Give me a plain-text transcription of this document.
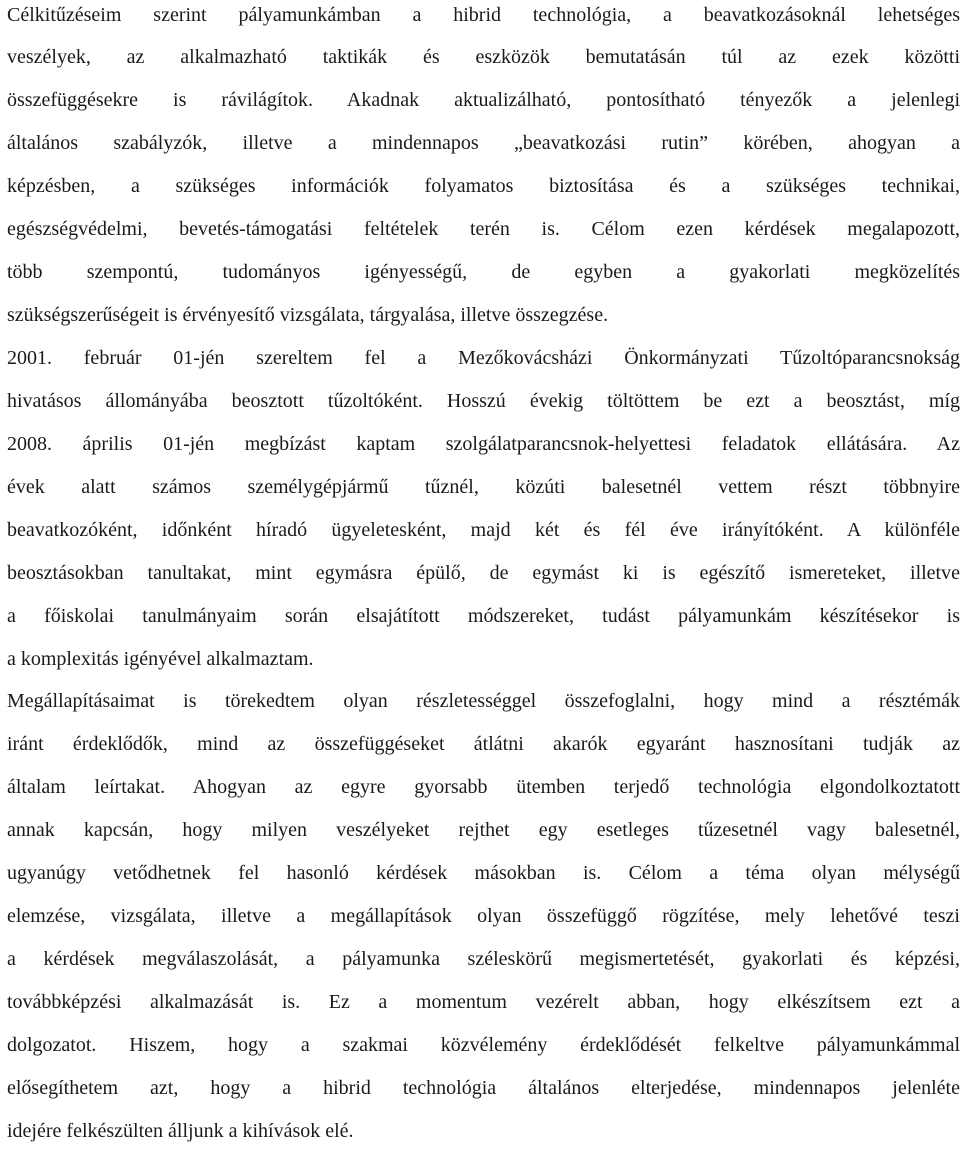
Célkitűzéseim szerint pályamunkámban a hibrid technológia, a beavatkozásoknál lehetséges
veszélyek, az alkalmazható taktikák és eszközök bemutatásán túl az ezek közötti
összefüggésekre is rávilágítok. Akadnak aktualizálható, pontosítható tényezők a jelenlegi
általános szabályzók, illetve a mindennapos „beavatkozási rutin” körében, ahogyan a
képzésben, a szükséges információk folyamatos biztosítása és a szükséges technikai,
egészségvédelmi, bevetés-támogatási feltételek terén is. Célom ezen kérdések megalapozott,
több szempontú, tudományos igényességű, de egyben a gyakorlati megközelítés
szükségszerűségeit is érvényesítő vizsgálata, tárgyalása, illetve összegzése.
2001. február 01-jén szereltem fel a Mezőkovácsházi Önkormányzati Tűzoltóparancsnokság
hivatásos állományába beosztott tűzoltóként. Hosszú évekig töltöttem be ezt a beosztást, míg
2008. április 01-jén megbízást kaptam szolgálatparancsnok-helyettesi feladatok ellátására. Az
évek alatt számos személygépjármű tűznél, közúti balesetnél vettem részt többnyire
beavatkozóként, időnként híradó ügyeletesként, majd két és fél éve irányítóként. A különféle
beosztásokban tanultakat, mint egymásra épülő, de egymást ki is egészítő ismereteket, illetve
a főiskolai tanulmányaim során elsajátított módszereket, tudást pályamunkám készítésekor is
a komplexitás igényével alkalmaztam.
Megállapításaimat is törekedtem olyan részletességgel összefoglalni, hogy mind a résztémák
iránt érdeklődők, mind az összefüggéseket átlátni akarók egyaránt hasznosítani tudják az
általam leírtakat. Ahogyan az egyre gyorsabb ütemben terjedő technológia elgondolkoztatott
annak kapcsán, hogy milyen veszélyeket rejthet egy esetleges tűzesetnél vagy balesetnél,
ugyanúgy vetődhetnek fel hasonló kérdések másokban is. Célom a téma olyan mélységű
elemzése, vizsgálata, illetve a megállapítások olyan összefüggő rögzítése, mely lehetővé teszi
a kérdések megválaszolását, a pályamunka széleskörű megismertetését, gyakorlati és képzési,
továbbképzési alkalmazását is. Ez a momentum vezérelt abban, hogy elkészítsem ezt a
dolgozatot. Hiszem, hogy a szakmai közvélemény érdeklődését felkeltve pályamunkámmal
elősegíthetem azt, hogy a hibrid technológia általános elterjedése, mindennapos jelenléte
idejére felkészülten álljunk a kihívások elé.
